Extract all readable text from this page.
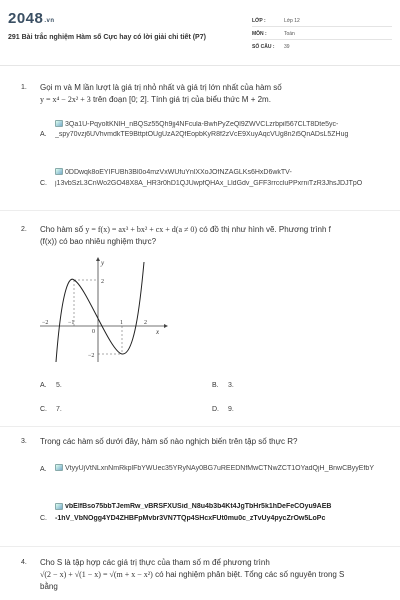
$2048_{.vn}$
291 Bài trắc nghiệm Hàm số Cực hay có lời giải chi tiết (P7)
LỚP :	Lớp 12
MÔN :	Toán
SỐ CÂU : 39
1. Gọi m và M lần lượt là giá trị nhỏ nhất và giá trị lớn nhất của hàm số
y = x⁴ − 2x² + 3 trên đoạn [0; 2]. Tính giá trị của biểu thức M + 2m.
3Qa1U-PqyoltKNlH_nBQSz55Qh9jj4NFcula-BwhPyZeQl9ZWVCLzrbpil567CLT8Dte5yc-
A. _spy70vzj6UVhvmdkTE9BttptOUgUzA2QfEopbKyR8f2zVcE9XuyAqcVUg8n2i5QnADsL5ZHug
0DDwqk8oEYIFUBh3Bl0o4mzVxWUfuYnlXXoJOfNZAGLKs6HxD6wkTV-
C. j13vbSzL3CnWo2GO48X8A_HR3r0hD1QJUwpfQHAx_LldGdv_GFF3rrccluPPxrniTzR3JhsJDJTpO
2. Cho hàm số y = f(x) = ax³ + bx² + cx + d(a ≠ 0) có đồ thị như hình vẽ. Phương trình f
(f(x)) có bao nhiêu nghiệm thực?
y
x
−2	−1
0
1	2
2
−2
A. 5.	B. 3.
C. 7.	D. 9.
3. Trong các hàm số dưới đây, hàm số nào nghịch biến trên tập số thực R?
A.	VtyyUjVtNLxnNmRkplFbYWUec35YRyNAy0BG7uREEDNfMwCTNwZCT1OYadQjH_BnwCByyEfbY
vbElfBso75bbTJemRw_vBRSFXUSid_N8u4b3b4Kt4JgTbHr5k1hDeFeCOyu9AEB
C. -1hV_VbNOgg4YD4ZHBFpMvbr3VN7TQp4SHcxFUt0mu0c_zTvUy4pycZrOw5LoPc
4. Cho S là tập hợp các giá trị thực của tham số m để phương trình
√(2 − x) + √(1 − x) = √(m + x − x²) có hai nghiệm phân biệt. Tổng các số nguyên trong S
bằng
